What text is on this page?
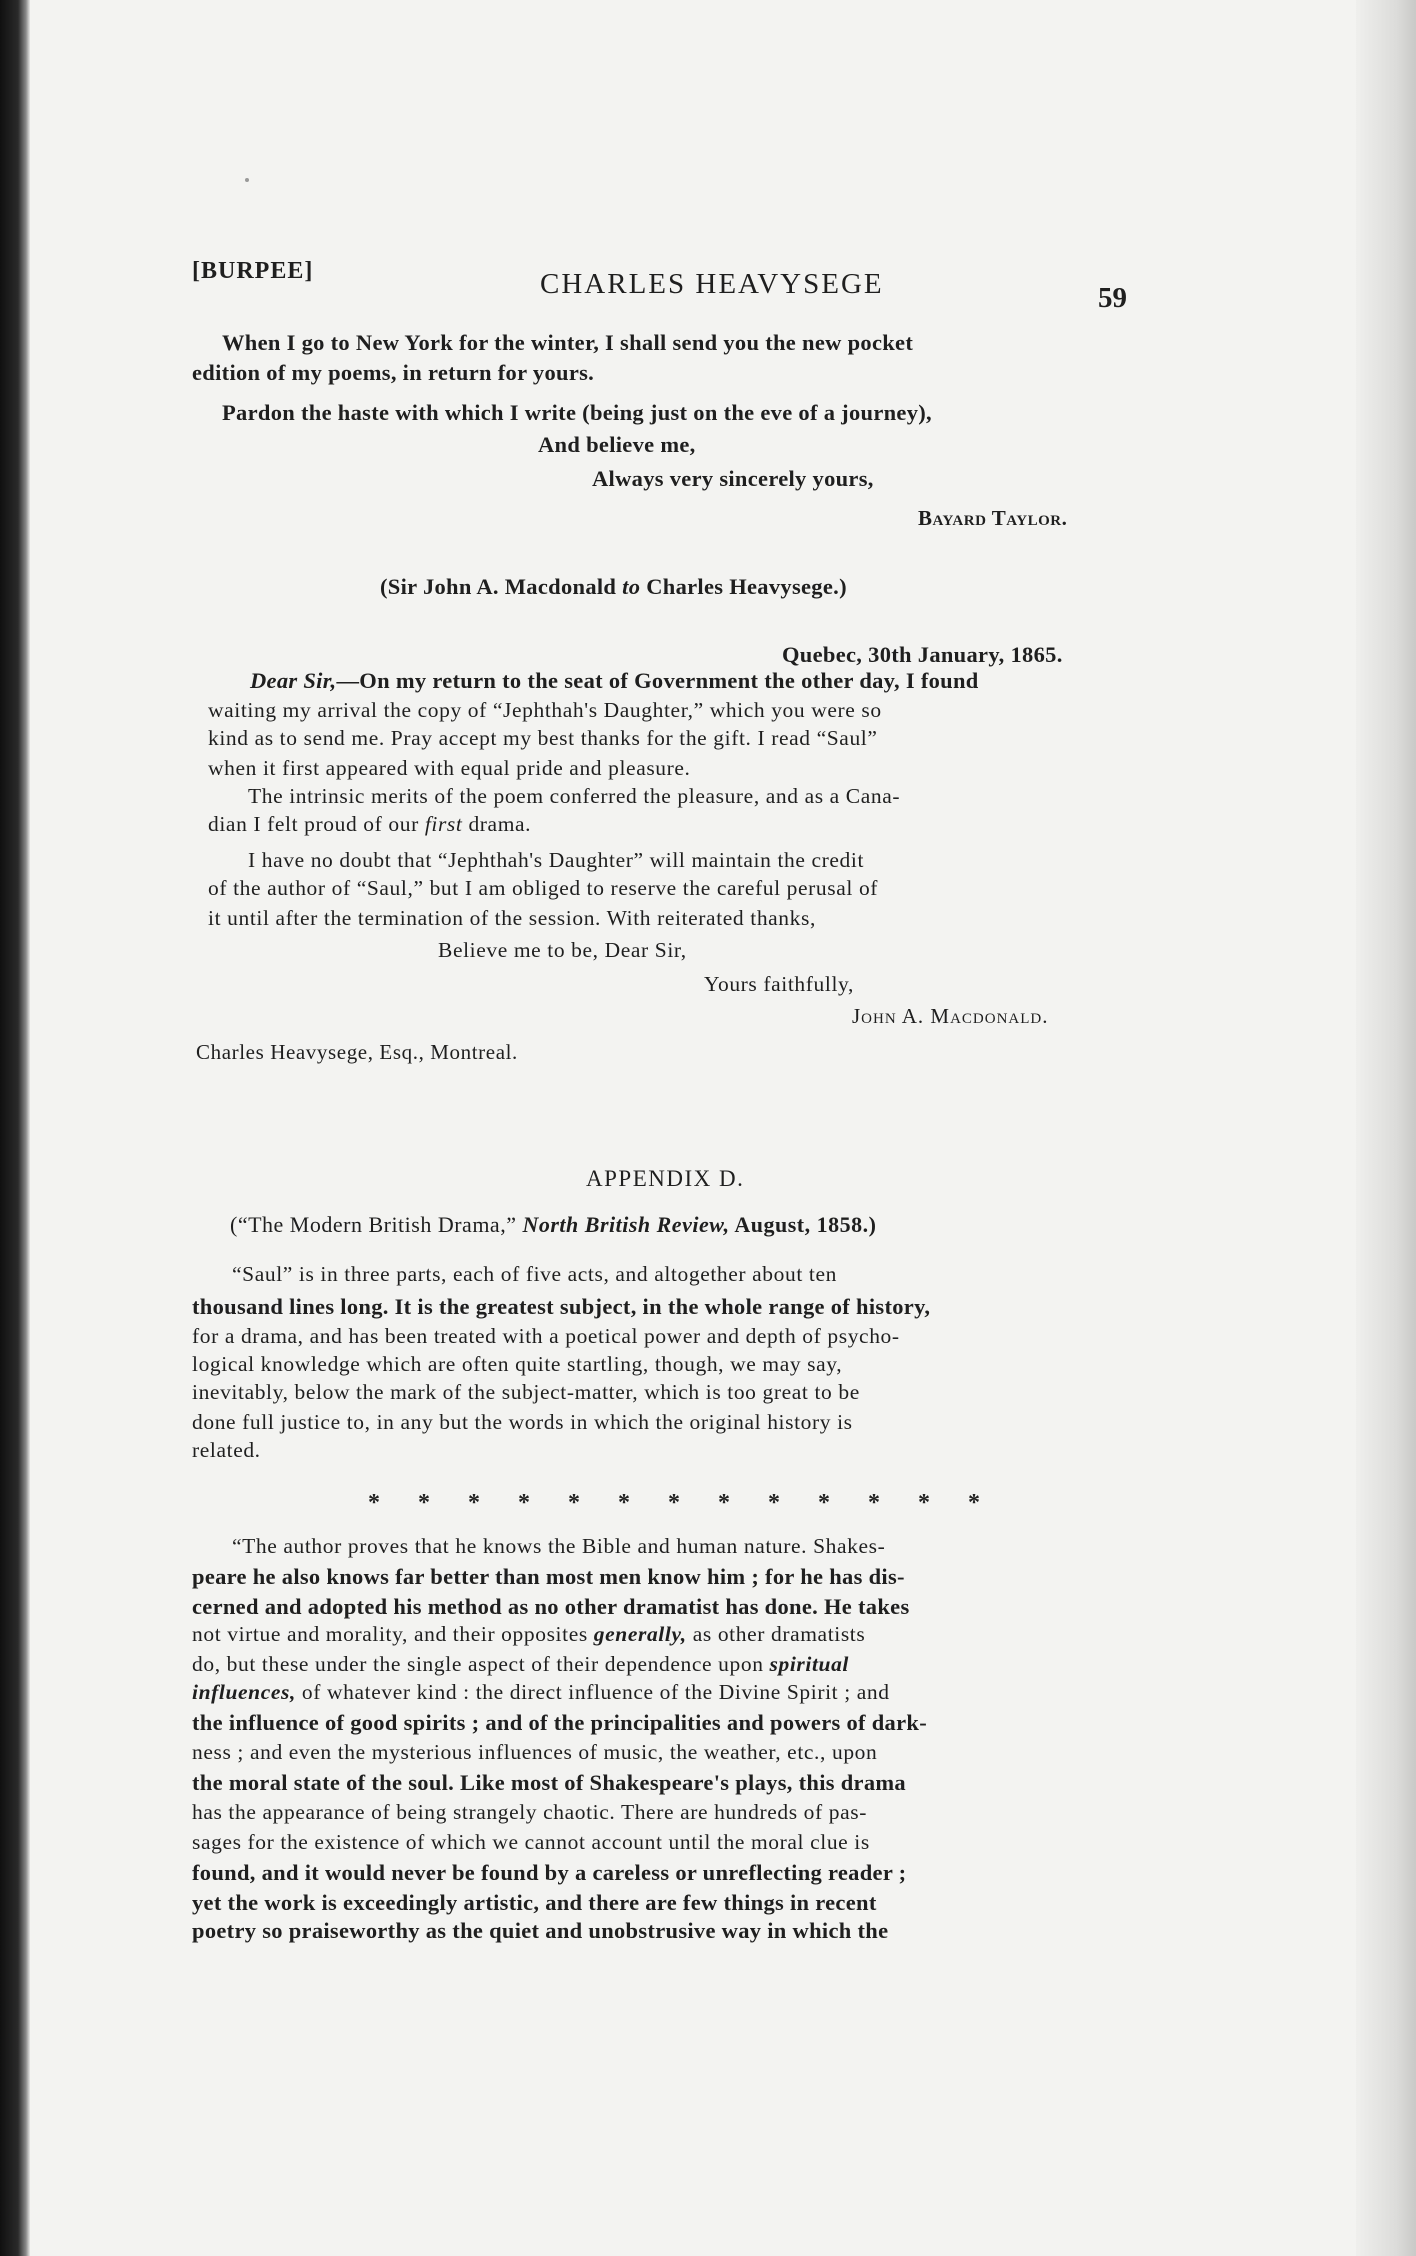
[BURPEE]	CHARLES HEAVYSEGE	59
When I go to New York for the winter, I shall send you the new pocket
edition of my poems, in return for yours.
Pardon the haste with which I write (being just on the eve of a journey),
And believe me,
Always very sincerely yours,
Bayard Taylor.
(Sir John A. Macdonald to Charles Heavysege.)
Quebec, 30th January, 1865.
Dear Sir,—On my return to the seat of Government the other day, I found
waiting my arrival the copy of “Jephthah's Daughter,” which you were so
kind as to send me. Pray accept my best thanks for the gift. I read “Saul”
when it first appeared with equal pride and pleasure.
The intrinsic merits of the poem conferred the pleasure, and as a Cana-
dian I felt proud of our first drama.
I have no doubt that “Jephthah's Daughter” will maintain the credit
of the author of “Saul,” but I am obliged to reserve the careful perusal of
it until after the termination of the session. With reiterated thanks,
Believe me to be, Dear Sir,
Yours faithfully,
John A. Macdonald.
Charles Heavysege, Esq., Montreal.
APPENDIX D.
(“The Modern British Drama,” North British Review, August, 1858.)
“Saul” is in three parts, each of five acts, and altogether about ten
thousand lines long. It is the greatest subject, in the whole range of history,
for a drama, and has been treated with a poetical power and depth of psycho-
logical knowledge which are often quite startling, though, we may say,
inevitably, below the mark of the subject-matter, which is too great to be
done full justice to, in any but the words in which the original history is
related.
* * * * * * * * * * * * *
“The author proves that he knows the Bible and human nature. Shakes-
peare he also knows far better than most men know him ; for he has dis-
cerned and adopted his method as no other dramatist has done. He takes
not virtue and morality, and their opposites generally, as other dramatists
do, but these under the single aspect of their dependence upon spiritual
influences, of whatever kind : the direct influence of the Divine Spirit ; and
the influence of good spirits ; and of the principalities and powers of dark-
ness ; and even the mysterious influences of music, the weather, etc., upon
the moral state of the soul. Like most of Shakespeare's plays, this drama
has the appearance of being strangely chaotic. There are hundreds of pas-
sages for the existence of which we cannot account until the moral clue is
found, and it would never be found by a careless or unreflecting reader ;
yet the work is exceedingly artistic, and there are few things in recent
poetry so praiseworthy as the quiet and unobstrusive way in which the
